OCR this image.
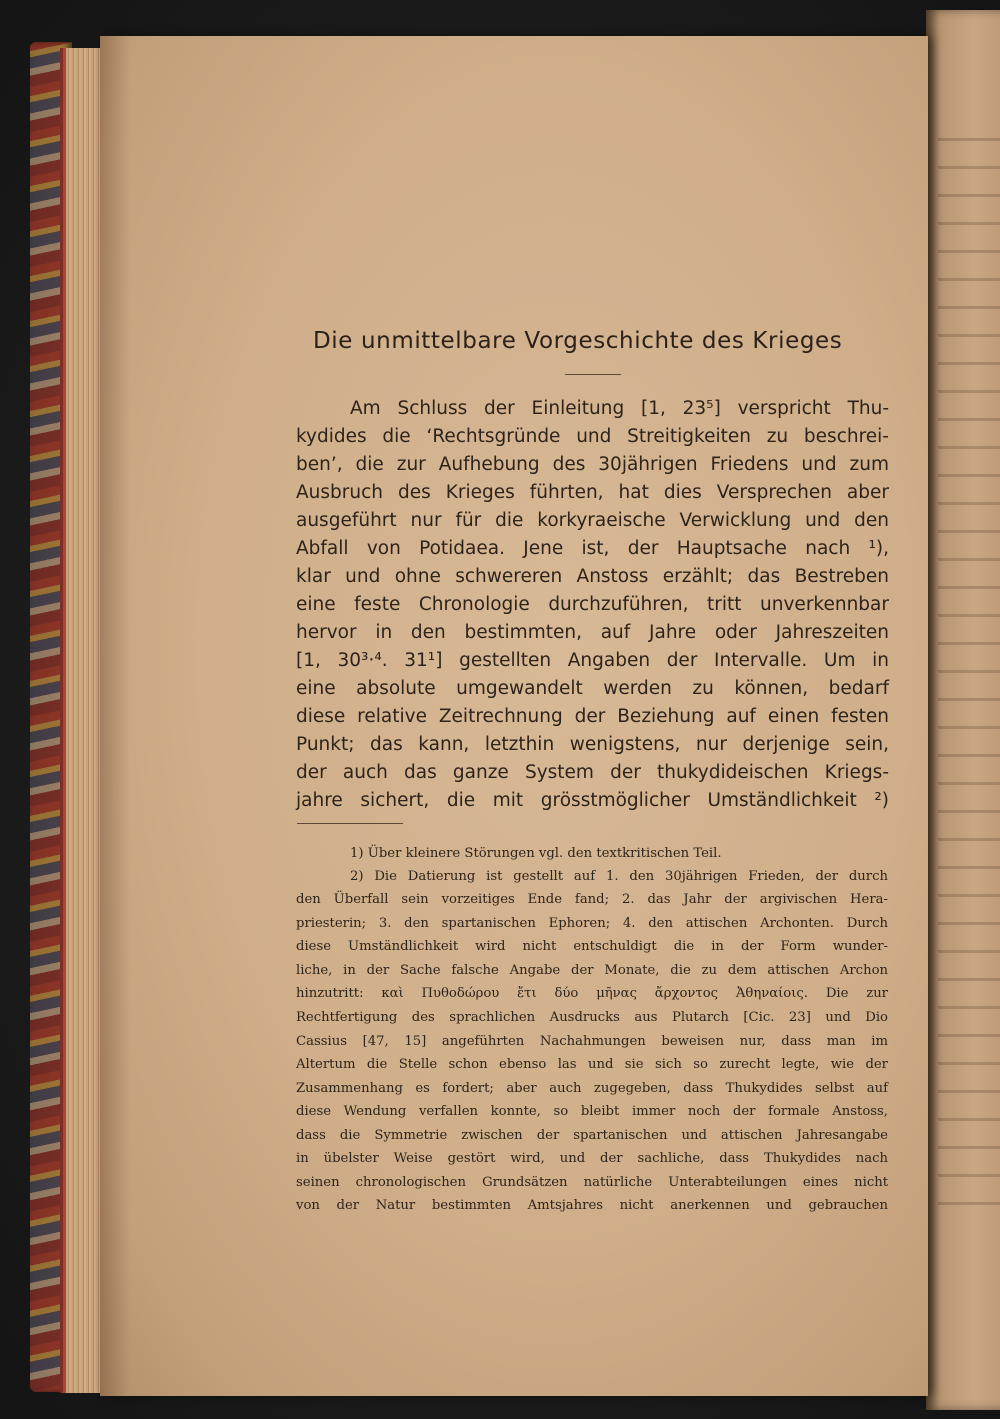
Die unmittelbare Vorgeschichte des Krieges
Am Schluss der Einleitung [1, 23⁵] verspricht Thu-
kydides die ‘Rechtsgründe und Streitigkeiten zu beschrei-
ben’, die zur Aufhebung des 30jährigen Friedens und zum
Ausbruch des Krieges führten, hat dies Versprechen aber
ausgeführt nur für die korkyraeische Verwicklung und den
Abfall von Potidaea. Jene ist, der Hauptsache nach ¹),
klar und ohne schwereren Anstoss erzählt; das Bestreben
eine feste Chronologie durchzuführen, tritt unverkennbar
hervor in den bestimmten, auf Jahre oder Jahreszeiten
[1, 30³·⁴. 31¹] gestellten Angaben der Intervalle. Um in
eine absolute umgewandelt werden zu können, bedarf
diese relative Zeitrechnung der Beziehung auf einen festen
Punkt; das kann, letzthin wenigstens, nur derjenige sein,
der auch das ganze System der thukydideischen Kriegs-
jahre sichert, die mit grösstmöglicher Umständlichkeit ²)
1) Über kleinere Störungen vgl. den textkritischen Teil.
2) Die Datierung ist gestellt auf 1. den 30jährigen Frieden, der durch
den Überfall sein vorzeitiges Ende fand; 2. das Jahr der argivischen Hera-
priesterin; 3. den spartanischen Ephoren; 4. den attischen Archonten. Durch
diese Umständlichkeit wird nicht entschuldigt die in der Form wunder-
liche, in der Sache falsche Angabe der Monate, die zu dem attischen Archon
hinzutritt: καὶ Πυθοδώρου ἔτι δύο μῆνας ἄρχοντος Ἀθηναίοις. Die zur
Rechtfertigung des sprachlichen Ausdrucks aus Plutarch [Cic. 23] und Dio
Cassius [47, 15] angeführten Nachahmungen beweisen nur, dass man im
Altertum die Stelle schon ebenso las und sie sich so zurecht legte, wie der
Zusammenhang es fordert; aber auch zugegeben, dass Thukydides selbst auf
diese Wendung verfallen konnte, so bleibt immer noch der formale Anstoss,
dass die Symmetrie zwischen der spartanischen und attischen Jahresangabe
in übelster Weise gestört wird, und der sachliche, dass Thukydides nach
seinen chronologischen Grundsätzen natürliche Unterabteilungen eines nicht
von der Natur bestimmten Amtsjahres nicht anerkennen und gebrauchen
